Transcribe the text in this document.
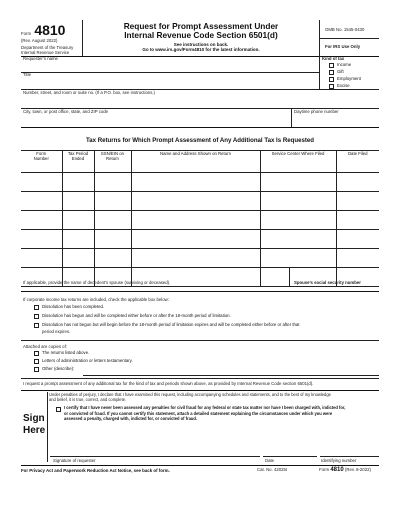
Form 4810
(Rev. August 2022)
Department of the Treasury
Internal Revenue Service
Request for Prompt Assessment Under
Internal Revenue Code Section 6501(d)
See instructions on back.
Go to www.irs.gov/Form4810 for the latest information.
OMB No. 1545-0430
For IRS Use Only
Requester’s name
Title
Kind of tax
Income
Gift
Employment
Excise
Number, street, and room or suite no. (If a P.O. box, see instructions.)
City, town, or post office, state, and ZIP code	Daytime phone number
Tax Returns for Which Prompt Assessment of Any Additional Tax Is Requested
Form Number	Tax Period Ended	SSN/EIN on Return	Name and Address Shown on Return	Service Center Where Filed	Date Filed

If applicable, provide the name of decedent’s spouse (surviving or deceased).	Spouse’s social security number
If corporate income tax returns are included, check the applicable box below:
Dissolution has been completed.
Dissolution has begun and will be completed either before or after the 18-month period of limitation.
Dissolution has not begun but will begin before the 18-month period of limitation expires and will be completed either before or after that
period expires.
Attached are copies of:
The returns listed above.
Letters of administration or letters testamentary.
Other (describe):
I request a prompt assessment of any additional tax for the kind of tax and periods shown above, as provided by Internal Revenue Code section 6501(d).
Under penalties of perjury, I declare that I have examined this request, including accompanying schedules and statements, and to the best of my knowledge
and belief, it is true, correct, and complete.
Sign
Here
I certify that I have never been assessed any penalties for civil fraud for any federal or state tax matter nor have I been charged with, indicted for,
or convicted of fraud. If you cannot certify this statement, attach a detailed statement explaining the circumstances under which you were
assessed a penalty, charged with, indicted for, or convicted of fraud.
Signature of requester	Date	Identifying number
For Privacy Act and Paperwork Reduction Act Notice, see back of form.	Cat. No. 42025I	Form 4810 (Rev. 8-2022)
